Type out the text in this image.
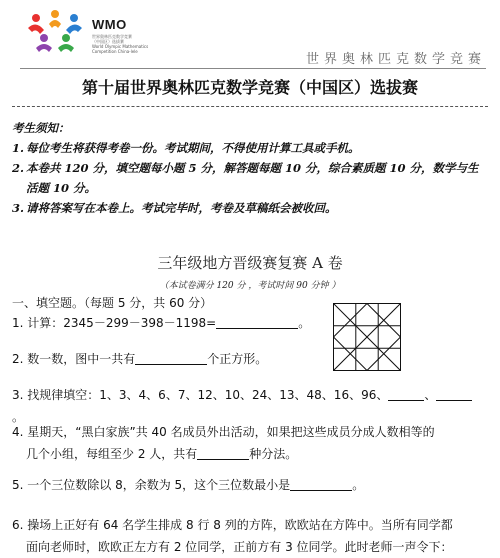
WMO
世界奥林匹克数学竞赛
（中国区）选拔赛
World Olympic Mathematics
Competition China-lele
世界奥林匹克数学竞赛
第十届世界奥林匹克数学竞赛（中国区）选拔赛
考生须知：
1. 每位考生将获得考卷一份。考试期间，不得使用计算工具或手机。
2. 本卷共 120 分，填空题每小题 5 分，解答题每题 10 分，综合素质题 10 分，数学与生活题 10 分。
3. 请将答案写在本卷上。考试完毕时，考卷及草稿纸会被收回。
三年级地方晋级赛复赛 A 卷
（本试卷满分 120 分 ，考试时间 90 分钟 ）
一、填空题。（每题 5 分，共 60 分）
1. 计算：2345－299－398－1198=	。
2. 数一数，图中一共有	个正方形。
3. 找规律填空：1、3、4、6、7、12、10、24、13、48、16、96、	、。
4. 星期天，“黑白家族”共 40 名成员外出活动，如果把这些成员分成人数相等的
几个小组，每组至少 2 人，共有	种分法。
5. 一个三位数除以 8，余数为 5，这个三位数最小是	。
6. 操场上正好有 64 名学生排成 8 行 8 列的方阵，欧欧站在方阵中。当所有同学都
面向老师时，欧欧正左方有 2 位同学，正前方有 3 位同学。此时老师一声令下：
